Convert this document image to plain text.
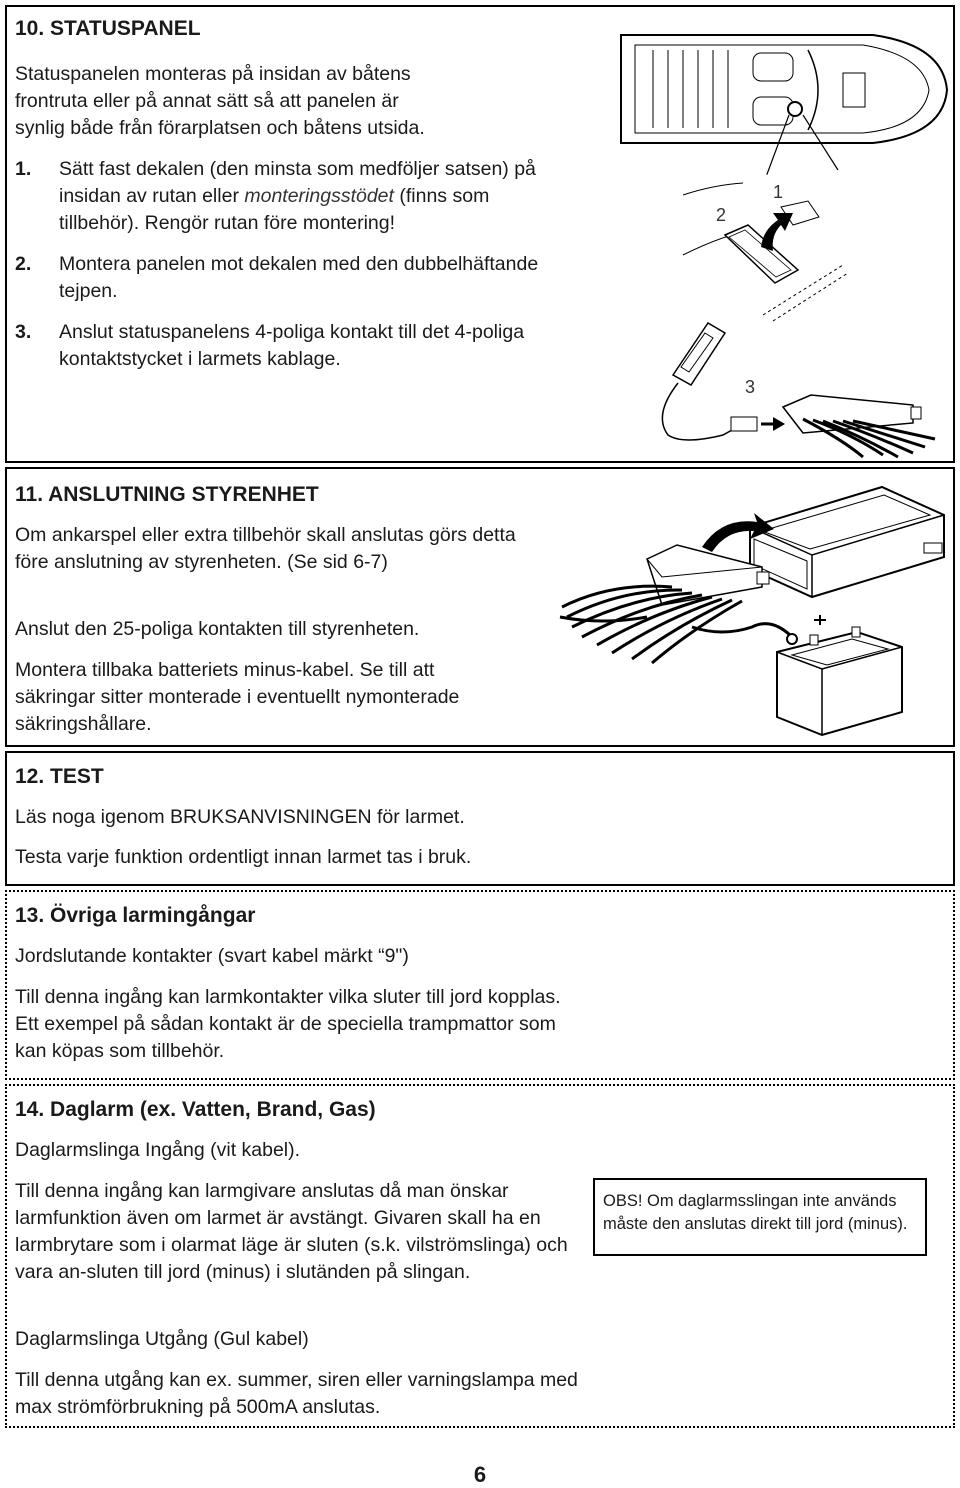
10. STATUSPANEL

Statuspanelen monteras på insidan av båtens frontruta eller på annat sätt så att panelen är synlig både från förarplatsen och båtens utsida.

1. Sätt fast dekalen (den minsta som medföljer satsen) på insidan av rutan eller monteringsstödet (finns som tillbehör). Rengör rutan före montering!

2. Montera panelen mot dekalen med den dubbelhäftande tejpen.

3. Anslut statuspanelens 4-poliga kontakt till det 4-poliga kontaktstycket i larmets kablage.

1
2
3
11. ANSLUTNING STYRENHET

Om ankarspel eller extra tillbehör skall anslutas görs detta före anslutning av styrenheten. (Se sid 6-7)

Anslut den 25-poliga kontakten till styrenheten.

Montera tillbaka batteriets minus-kabel. Se till att säkringar sitter monterade i eventuellt nymonterade säkringshållare.

12. TEST

Läs noga igenom BRUKSANVISNINGEN för larmet.

Testa varje funktion ordentligt innan larmet tas i bruk.

13. Övriga larmingångar

Jordslutande kontakter (svart kabel märkt “9")

Till denna ingång kan larmkontakter vilka sluter till jord kopplas. Ett exempel på sådan kontakt är de speciella trampmattor som kan köpas som tillbehör.

14. Daglarm (ex. Vatten, Brand, Gas)

Daglarmslinga Ingång (vit kabel).

Till denna ingång kan larmgivare anslutas då man önskar larmfunktion även om larmet är avstängt. Givaren skall ha en larmbrytare som i olarmat läge är sluten (s.k. vilströmslinga) och vara an-sluten till jord (minus) i slutänden på slingan.

Daglarmslinga Utgång (Gul kabel)

Till denna utgång kan ex. summer, siren eller varningslampa med max strömförbrukning på 500mA anslutas.

OBS! Om daglarmsslingan inte används måste den anslutas direkt till jord (minus).
6
